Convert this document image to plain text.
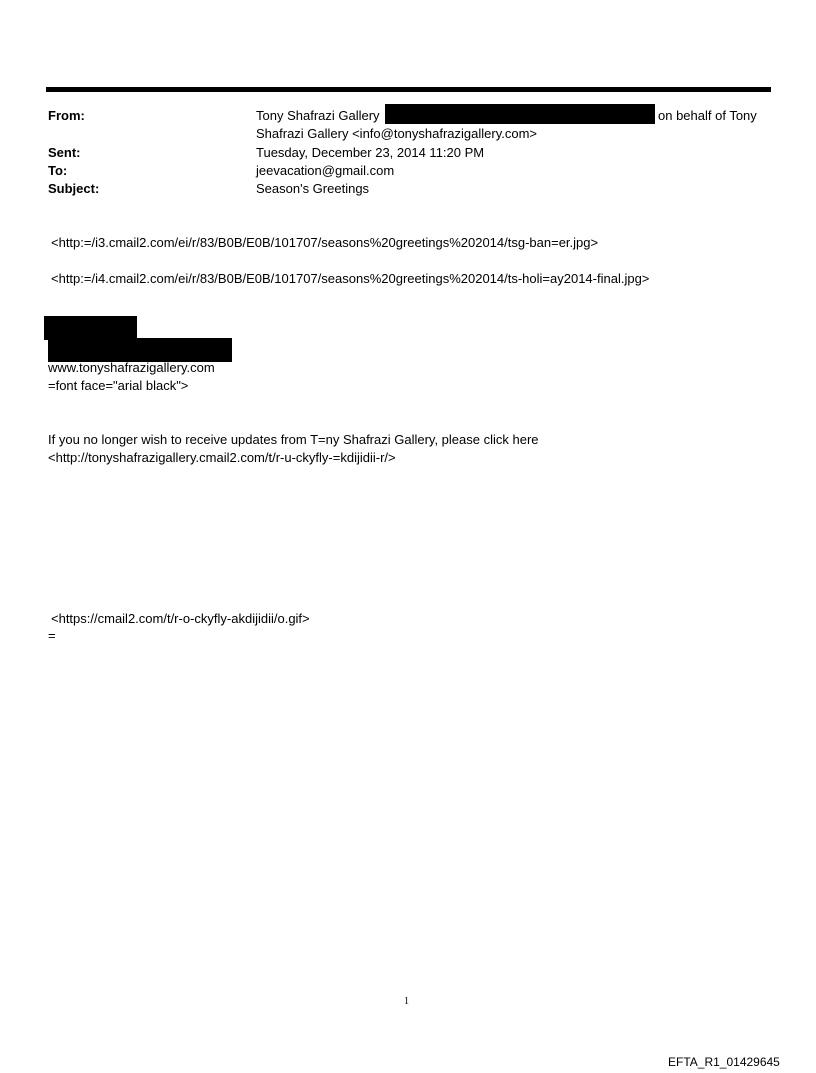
From:	Tony Shafrazi Gallery	on behalf of Tony
Shafrazi Gallery <info@tonyshafrazigallery.com>
Sent:	Tuesday, December 23, 2014 11:20 PM
To:	jeevacation@gmail.com
Subject:	Season's Greetings
<http:=/i3.cmail2.com/ei/r/83/B0B/E0B/101707/seasons%20greetings%202014/tsg-ban=er.jpg>
<http:=/i4.cmail2.com/ei/r/83/B0B/E0B/101707/seasons%20greetings%202014/ts-holi=ay2014-final.jpg>
www.tonyshafrazigallery.com
=font face="arial black">
If you no longer wish to receive updates from T=ny Shafrazi Gallery, please click here
<http://tonyshafrazigallery.cmail2.com/t/r-u-ckyfly-=kdijidii-r/>
<https://cmail2.com/t/r-o-ckyfly-akdijidii/o.gif>
=
1
EFTA_R1_01429645
